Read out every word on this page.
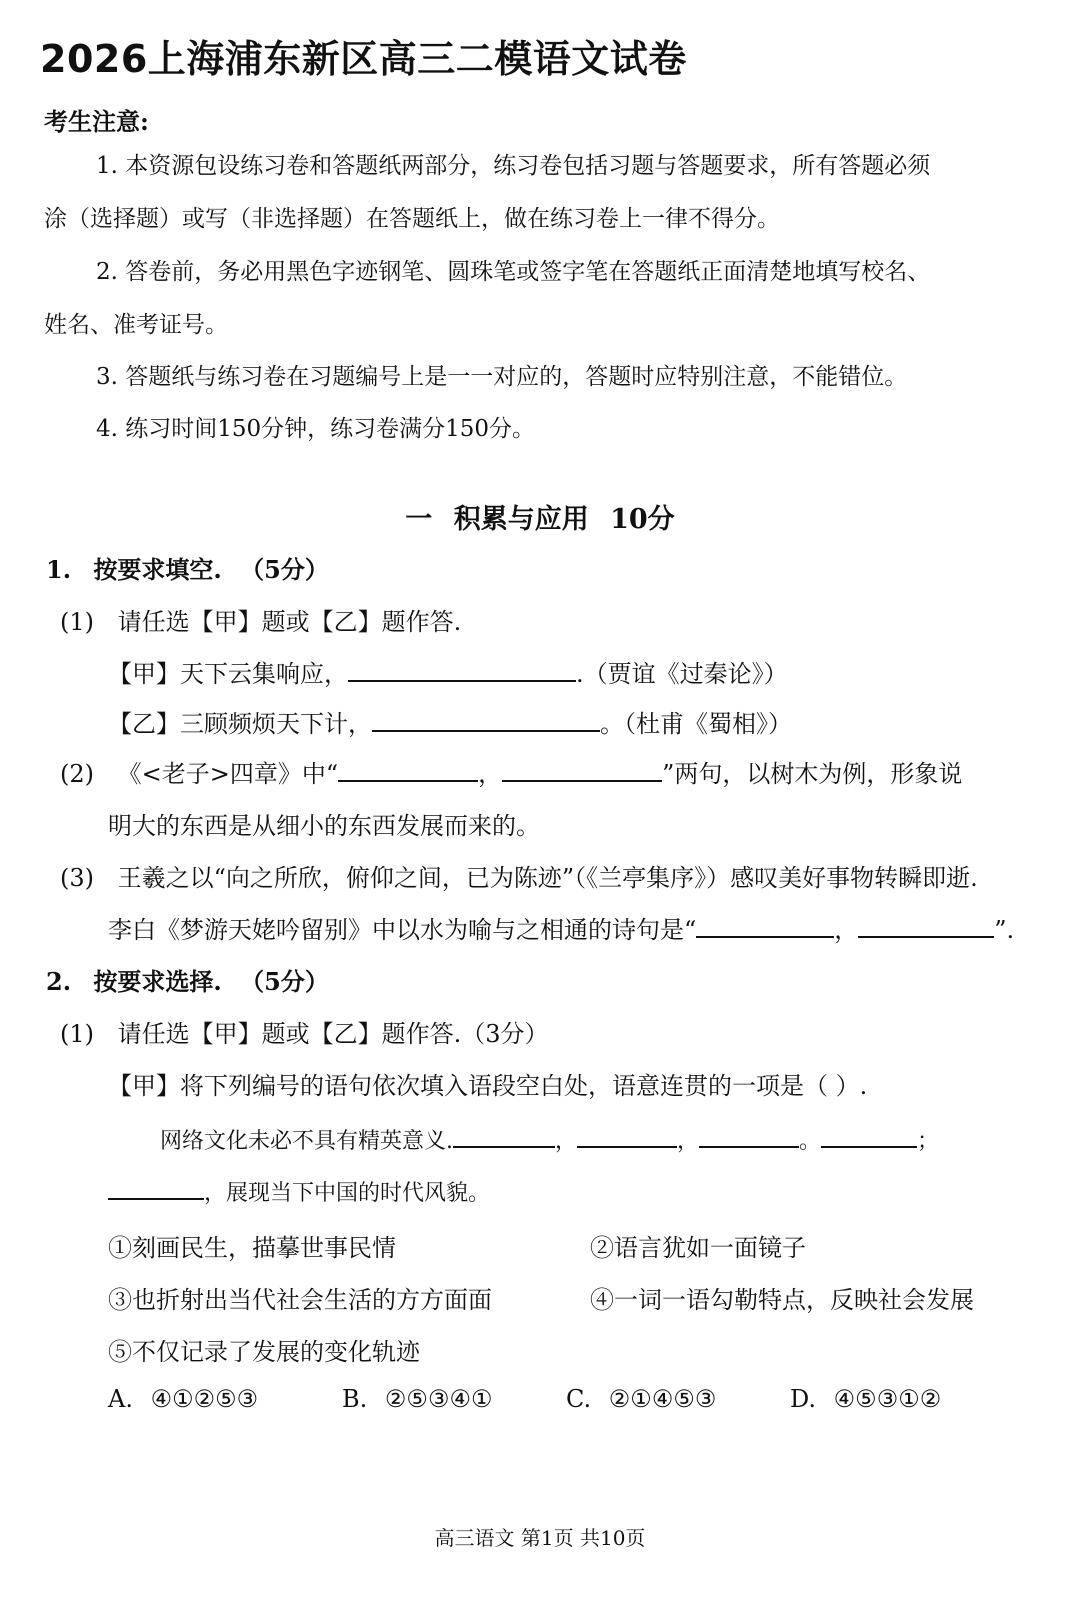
2026上海浦东新区高三二模语文试卷
考生注意:
1. 本资源包设练习卷和答题纸两部分，练习卷包括习题与答题要求，所有答题必须
涂（选择题）或写（非选择题）在答题纸上，做在练习卷上一律不得分。
2. 答卷前，务必用黑色字迹钢笔、圆珠笔或签字笔在答题纸正面清楚地填写校名、
姓名、准考证号。
3. 答题纸与练习卷在习题编号上是一一对应的，答题时应特别注意，不能错位。
4. 练习时间150分钟，练习卷满分150分。
一 积累与应用 10分
1. 按要求填空. （5分）
(1) 请任选【甲】题或【乙】题作答.
【甲】天下云集响应，	.（贾谊《过秦论》）
【乙】三顾频烦天下计，	。（杜甫《蜀相》）
(2) 《<老子>四章》中“	，	”两句，以树木为例，形象说
明大的东西是从细小的东西发展而来的。
(3) 王羲之以“向之所欣，俯仰之间，已为陈迹”（《兰亭集序》）感叹美好事物转瞬即逝.
李白《梦游天姥吟留别》中以水为喻与之相通的诗句是“	，	”.
2. 按要求选择. （5分）
(1) 请任选【甲】题或【乙】题作答.（3分）
【甲】将下列编号的语句依次填入语段空白处，语意连贯的一项是（ ）.
网络文化未必不具有精英意义.	，	，	。	；
，展现当下中国的时代风貌。
①刻画民生，描摹世事民情	②语言犹如一面镜子
③也折射出当代社会生活的方方面面	④一词一语勾勒特点，反映社会发展
⑤不仅记录了发展的变化轨迹
A. ④①②⑤③	B. ②⑤③④①	C. ②①④⑤③	D. ④⑤③①②
高三语文 第1页 共10页
